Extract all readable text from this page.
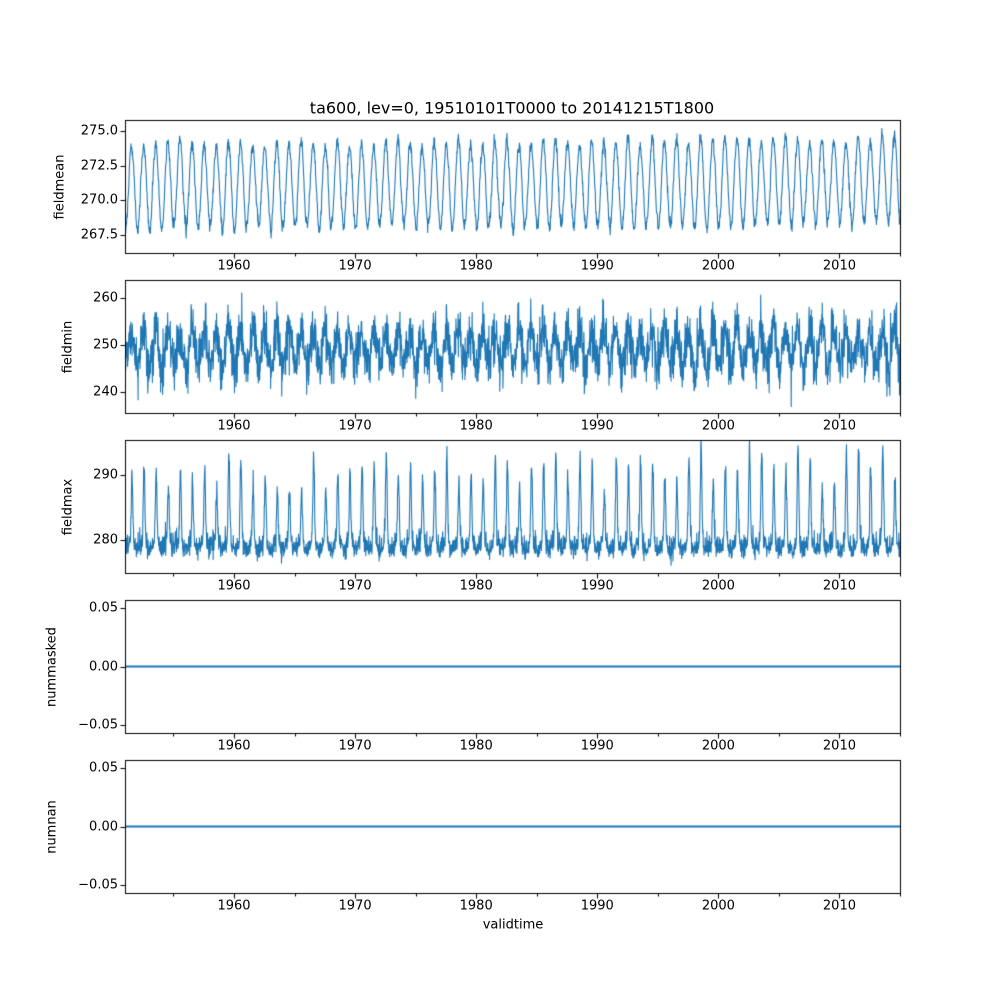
ta600, lev=0, 19510101T0000 to 20141215T1800
validtime
fieldmean
267.5
270.0
272.5
275.0
1960	1970	1980	1990	2000	2010
fieldmin
240
250
260
1960	1970	1980	1990	2000	2010
fieldmax
280
290
1960	1970	1980	1990	2000	2010
nummasked
−0.05
0.00
0.05
1960	1970	1980	1990	2000	2010
numnan
−0.05
0.00
0.05
1960	1970	1980	1990	2000	2010
